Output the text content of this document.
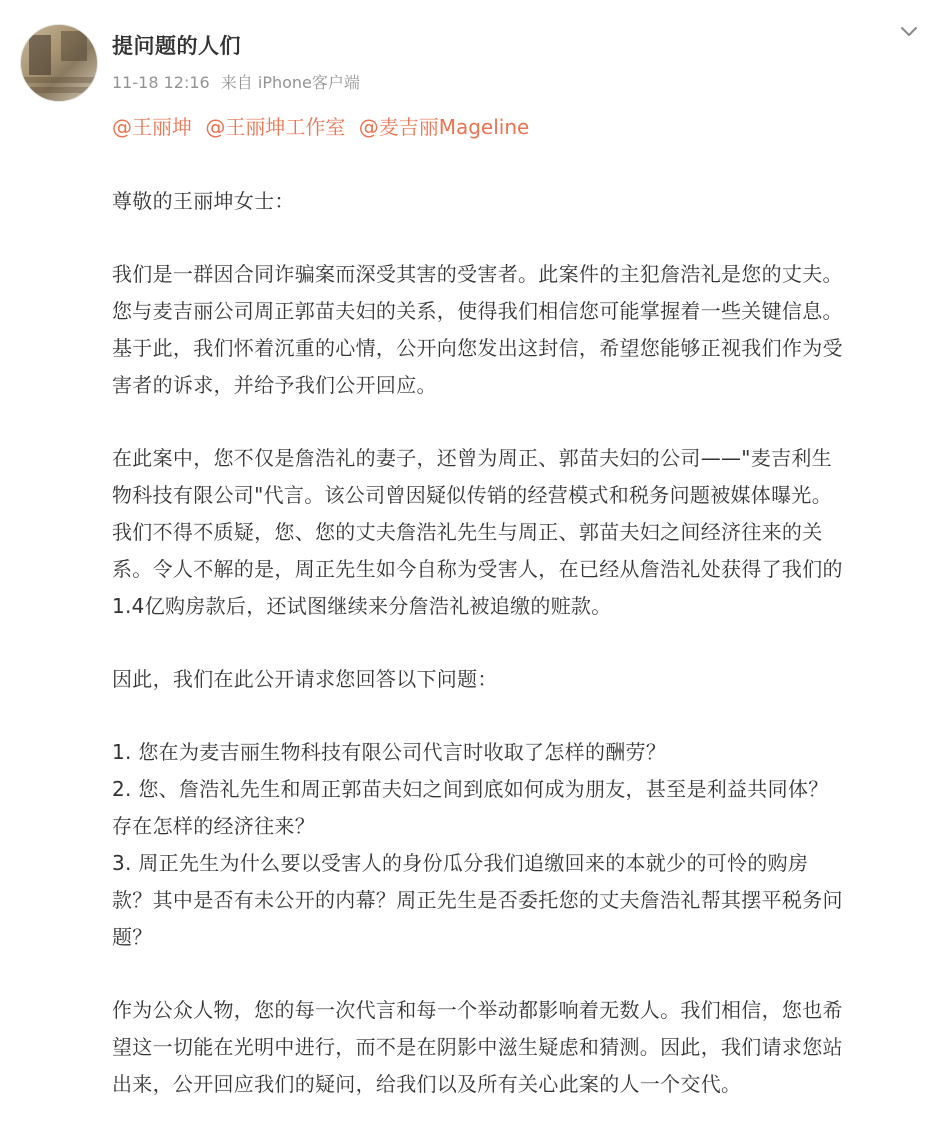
提问题的人们
11-18 12:16 来自 iPhone客户端
@王丽坤 @王丽坤工作室 @麦吉丽Mageline

尊敬的王丽坤女士：

我们是一群因合同诈骗案而深受其害的受害者。此案件的主犯詹浩礼是您的丈夫。
您与麦吉丽公司周正郭苗夫妇的关系，使得我们相信您可能掌握着一些关键信息。
基于此，我们怀着沉重的心情，公开向您发出这封信，希望您能够正视我们作为受
害者的诉求，并给予我们公开回应。

在此案中，您不仅是詹浩礼的妻子，还曾为周正、郭苗夫妇的公司——"麦吉利生
物科技有限公司"代言。该公司曾因疑似传销的经营模式和税务问题被媒体曝光。
我们不得不质疑，您、您的丈夫詹浩礼先生与周正、郭苗夫妇之间经济往来的关
系。令人不解的是，周正先生如今自称为受害人，在已经从詹浩礼处获得了我们的
1.4亿购房款后，还试图继续来分詹浩礼被追缴的赃款。

因此，我们在此公开请求您回答以下问题：

1. 您在为麦吉丽生物科技有限公司代言时收取了怎样的酬劳？
2. 您、詹浩礼先生和周正郭苗夫妇之间到底如何成为朋友，甚至是利益共同体？
存在怎样的经济往来？
3. 周正先生为什么要以受害人的身份瓜分我们追缴回来的本就少的可怜的购房
款？其中是否有未公开的内幕？周正先生是否委托您的丈夫詹浩礼帮其摆平税务问
题？

作为公众人物，您的每一次代言和每一个举动都影响着无数人。我们相信，您也希
望这一切能在光明中进行，而不是在阴影中滋生疑虑和猜测。因此，我们请求您站
出来，公开回应我们的疑问，给我们以及所有关心此案的人一个交代。
